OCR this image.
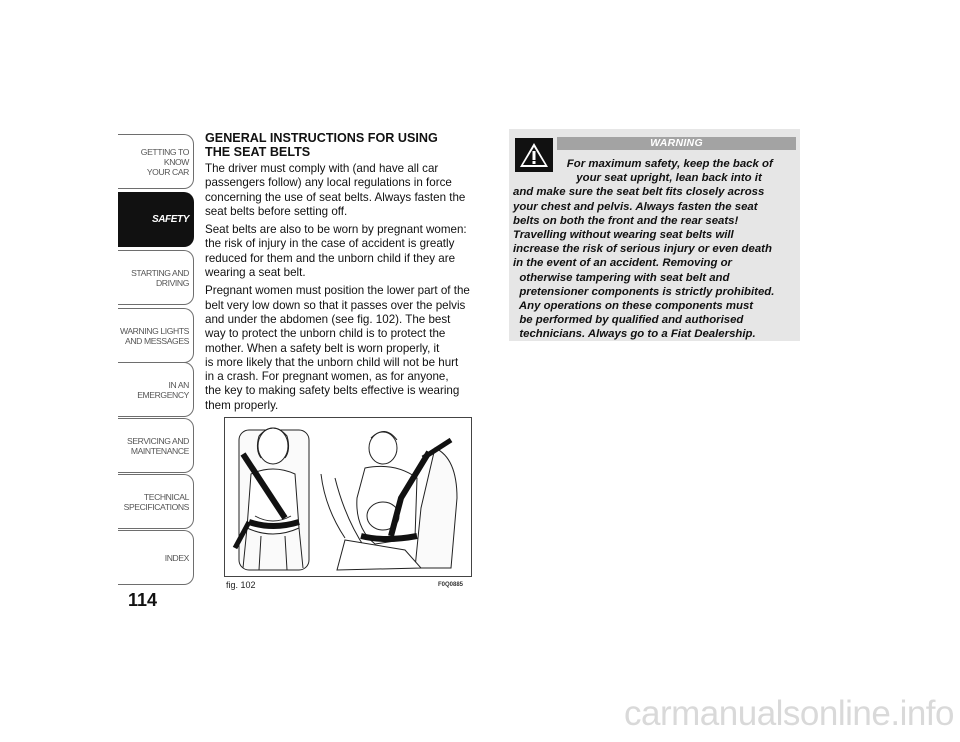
GETTING TO KNOW
YOUR CAR
SAFETY
STARTING AND
DRIVING
WARNING LIGHTS
AND MESSAGES
IN AN EMERGENCY
SERVICING AND
MAINTENANCE
TECHNICAL
SPECIFICATIONS
INDEX
114
GENERAL INSTRUCTIONS FOR USING
THE SEAT BELTS
The driver must comply with (and have all car
passengers follow) any local regulations in force
concerning the use of seat belts. Always fasten the
seat belts before setting off.
Seat belts are also to be worn by pregnant women:
the risk of injury in the case of accident is greatly
reduced for them and the unborn child if they are
wearing a seat belt.
Pregnant women must position the lower part of the
belt very low down so that it passes over the pelvis
and under the abdomen (see fig. 102). The best
way to protect the unborn child is to protect the
mother. When a safety belt is worn properly, it
is more likely that the unborn child will not be hurt
in a crash. For pregnant women, as for anyone,
the key to making safety belts effective is wearing
them properly.
fig. 102	F0Q0885
WARNING
For maximum safety, keep the back of
your seat upright, lean back into it
and make sure the seat belt fits closely across
your chest and pelvis. Always fasten the seat
belts on both the front and the rear seats!
Travelling without wearing seat belts will
increase the risk of serious injury or even death
in the event of an accident. Removing or
otherwise tampering with seat belt and
pretensioner components is strictly prohibited.
Any operations on these components must
be performed by qualified and authorised
technicians. Always go to a Fiat Dealership.
carmanualsonline.info
